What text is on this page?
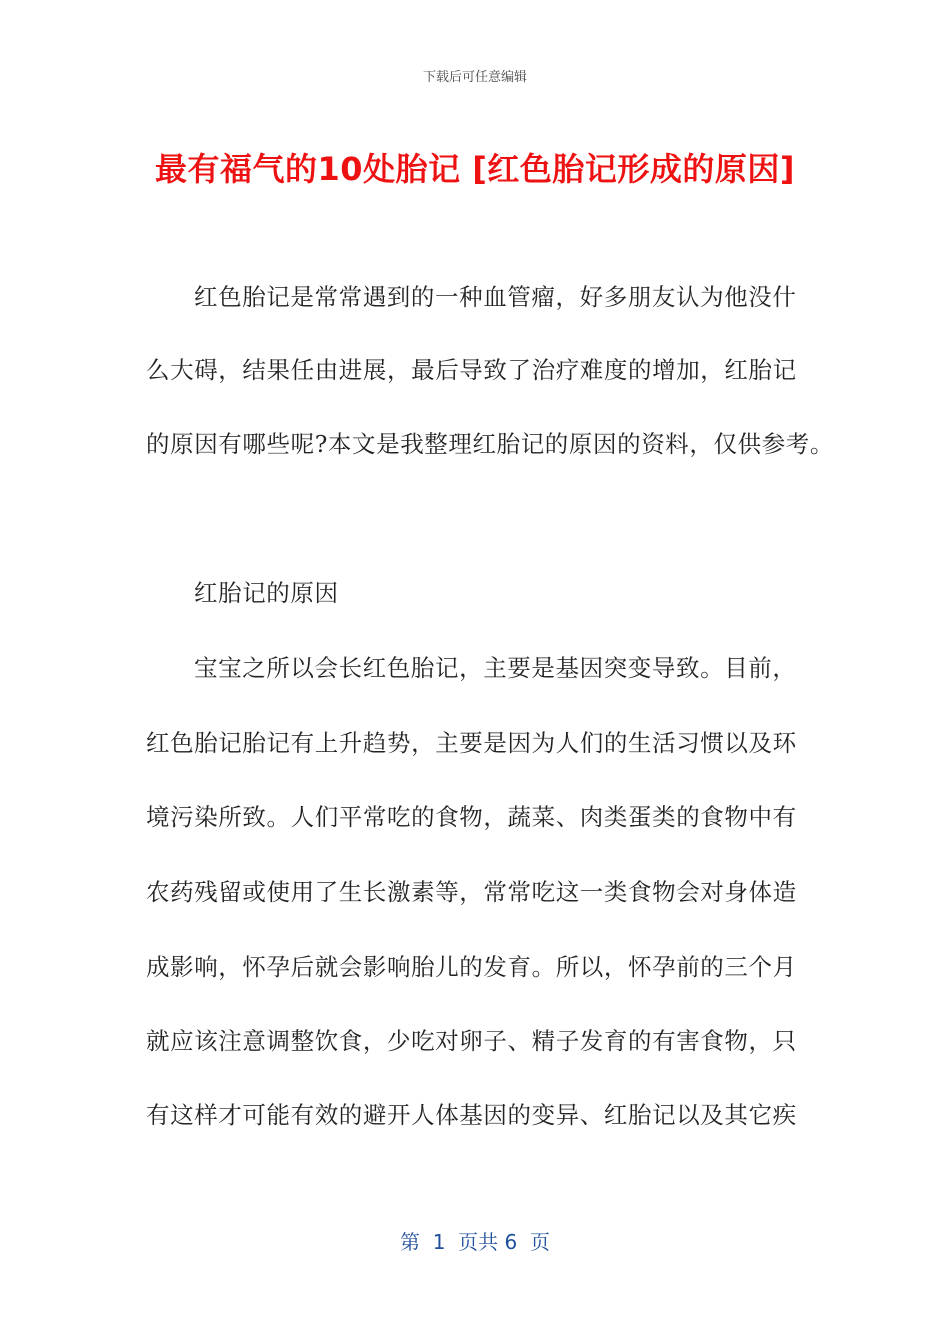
下载后可任意编辑
最有福气的10处胎记 [红色胎记形成的原因]
红色胎记是常常遇到的一种血管瘤，好多朋友认为他没什
么大碍，结果任由进展，最后导致了治疗难度的增加，红胎记
的原因有哪些呢?本文是我整理红胎记的原因的资料，仅供参考。
红胎记的原因
宝宝之所以会长红色胎记，主要是基因突变导致。目前，
红色胎记胎记有上升趋势，主要是因为人们的生活习惯以及环
境污染所致。人们平常吃的食物，蔬菜、肉类蛋类的食物中有
农药残留或使用了生长激素等，常常吃这一类食物会对身体造
成影响，怀孕后就会影响胎儿的发育。所以，怀孕前的三个月
就应该注意调整饮食，少吃对卵子、精子发育的有害食物，只
有这样才可能有效的避开人体基因的变异、红胎记以及其它疾
第  1  页共 6  页
